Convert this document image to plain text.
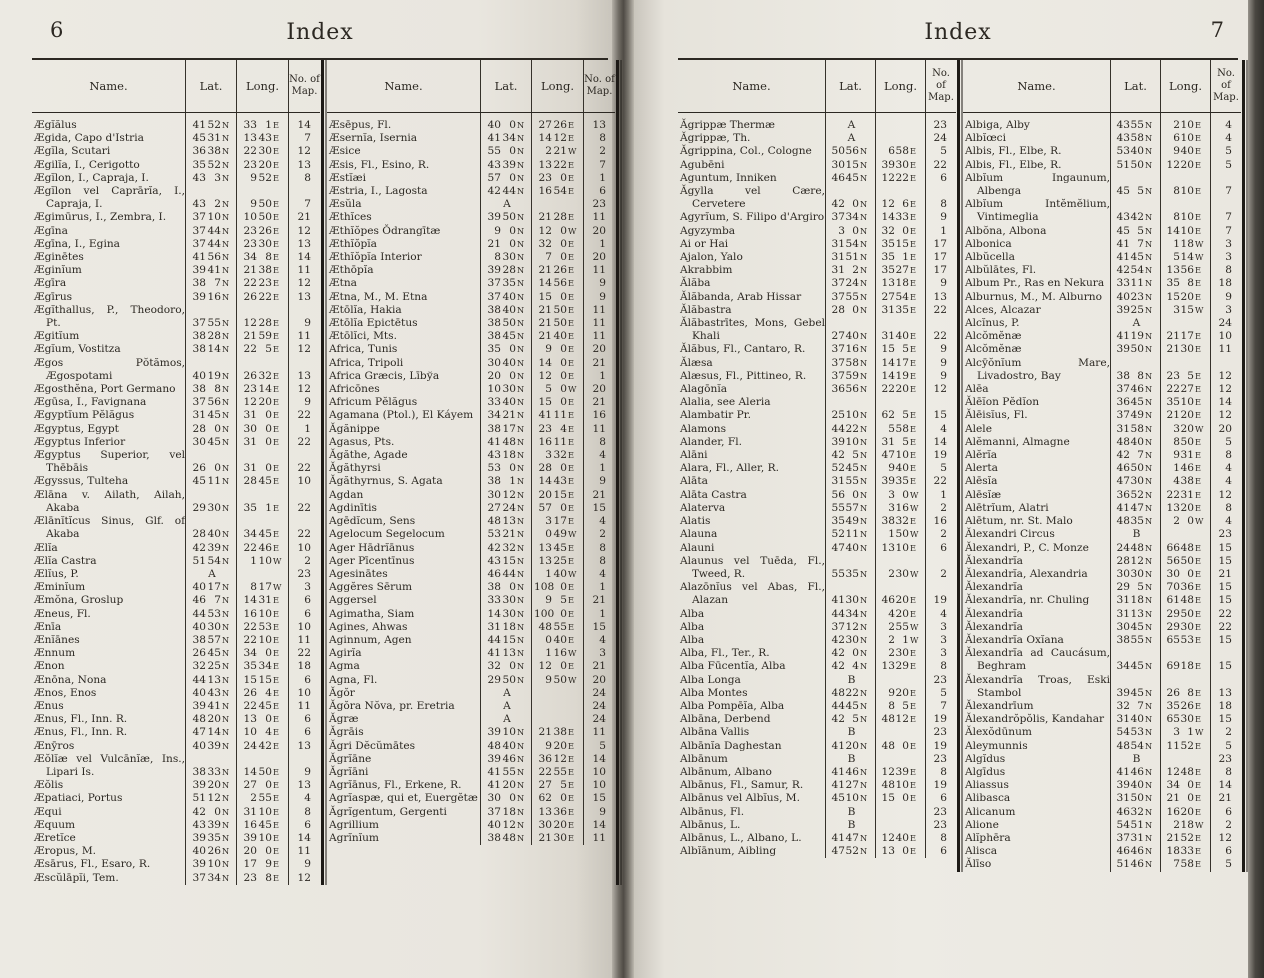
6	Index
Name.	Lat.	Long.	No. of Map.
Ægĭălus	41 52N	33 1E	14
Ægida, Capo d'Istria	45 31N	13 43E	7
Ægĭla, Scutari	36 38N	22 30E	12
Ægilĭa, I., Cerigotto	35 52N	23 20E	13
Ægĭlon, I., Capraja, I.	43 3N	9 52E	8
Ægĭlon vel Caprārĭa, I., Capraja, I.	43 2N	9 50E	7
Ægimūrus, I., Zembra, I.	37 10N	10 50E	21
Ægīna	37 44N	23 26E	12
Ægīna, I., Egina	37 44N	23 30E	13
Æginētes	41 56N	34 8E	14
Æginĭum	39 41N	21 38E	11
Ægīra	38 7N	22 23E	12
Ægīrus	39 16N	26 22E	13
Ægĭthallus, P., Theodoro, Pt.	37 55N	12 28E	9
Ægitĭum	38 28N	21 59E	11
Ægĭum, Vostitza	38 14N	22 5E	12
Ægos Pŏtămos, Ægospotami	40 19N	26 32E	13
Ægosthĕna, Port Germano	38 8N	23 14E	12
Ægūsa, I., Favignana	37 56N	12 20E	9
Ægyptĭum Pĕlăgus	31 45N	31 0E	22
Ægyptus, Egypt	28 0N	30 0E	1
Ægyptus Inferior	30 45N	31 0E	22
Ægyptus Superior, vel Thēbāis	26 0N	31 0E	22
Ægyssus, Tulteha	45 11N	28 45E	10
Ælāna v. Ailath, Ailah, Akaba	29 30N	35 1E	22
Ælānĭtĭcus Sinus, Glf. of Akaba	28 40N	34 45E	22
Ælĭa	42 39N	22 46E	10
Ælĭa Castra	51 54N	1 10W	2
Ælĭus, P.	A		23
Æminĭum	40 17N	8 17W	3
Æmŏna, Groslup	46 7N	14 31E	6
Æneus, Fl.	44 53N	16 10E	6
Ænīa	40 30N	22 53E	10
Ænĭānes	38 57N	22 10E	11
Ænnum	26 45N	34 0E	22
Ænon	32 25N	35 34E	18
Ænōna, Nona	44 13N	15 15E	6
Ænos, Enos	40 43N	26 4E	10
Ænus	39 41N	22 45E	11
Ænus, Fl., Inn. R.	48 20N	13 0E	6
Ænus, Fl., Inn. R.	47 14N	10 4E	6
Ænȳros	40 39N	24 42E	13
Æŏlĭæ vel Vulcānĭæ, Ins., Lipari Is.	38 33N	14 50E	9
Æŏlis	39 20N	27 0E	13
Æpatiaci, Portus	51 12N	2 55E	4
Æqui	42 0N	31 10E	8
Æquum	43 39N	16 45E	6
Æretĭce	39 35N	39 10E	14
Æropus, M.	40 26N	20 0E	11
Æsārus, Fl., Esaro, R.	39 10N	17 9E	9
Æscŭlāpĭi, Tem.	37 34N	23 8E	12
Name.	Lat.	Long.	No. of Map.
Æsēpus, Fl.	40 0N	27 26E	13
Æsernĭa, Isernia	41 34N	14 12E	8
Æsice	55 0N	2 21W	2
Æsis, Fl., Esino, R.	43 39N	13 22E	7
Æstĭæi	57 0N	23 0E	1
Æstria, I., Lagosta	42 44N	16 54E	6
Æsŭla	A		23
Æthĭces	39 50N	21 28E	11
Æthĭŏpes Ŏdrangītæ	9 0N	12 0W	20
Æthĭŏpĭa	21 0N	32 0E	1
Æthĭŏpĭa Interior	8 30N	7 0E	20
Æthōpĭa	39 28N	21 26E	11
Ætna	37 35N	14 56E	9
Ætna, M., M. Etna	37 40N	15 0E	9
Ætōlĭa, Hakia	38 40N	21 50E	11
Ætōlĭa Epictētus	38 50N	21 50E	11
Ætōlĭci, Mts.	38 45N	21 40E	11
Africa, Tunis	35 0N	9 0E	20
Africa, Tripoli	30 40N	14 0E	21
Africa Græcis, Lībўa	20 0N	12 0E	1
Africōnes	10 30N	5 0W	20
Africum Pĕlăgus	33 40N	15 0E	21
Agamana (Ptol.), El Káyem	34 21N	41 11E	16
Ăgănippe	38 17N	23 4E	11
Agasus, Pts.	41 48N	16 11E	8
Ăgăthe, Agade	43 18N	3 32E	4
Ăgăthyrsi	53 0N	28 0E	1
Ăgăthyrnus, S. Agata	38 1N	14 43E	9
Agdan	30 12N	20 15E	21
Agdinītis	27 24N	57 0E	15
Agēdĭcum, Sens	48 13N	3 17E	4
Agelocum Segelocum	53 21N	0 49W	2
Ager Hādrĭānus	42 32N	13 45E	8
Ager Pīcentīnus	43 15N	13 25E	8
Agesinātes	46 44N	1 40W	4
Aggĕres Sērum	38 0N	108 0E	1
Aggersel	33 30N	9 5E	21
Agimatha, Siam	14 30N	100 0E	1
Agines, Ahwas	31 18N	48 55E	15
Aginnum, Agen	44 15N	0 40E	4
Agirĭa	41 13N	1 16W	3
Agma	32 0N	12 0E	21
Agna, Fl.	29 50N	9 50W	20
Ăgŏr	A		24
Ăgŏra Nŏva, pr. Eretria	A		24
Ăgræ	A		24
Ăgrāis	39 10N	21 38E	11
Ăgri Dĕcŭmātes	48 40N	9 20E	5
Ăgrĭāne	39 46N	36 12E	14
Ăgrĭāni	41 55N	22 55E	10
Agrĭānus, Fl., Erkene, R.	41 20N	27 5E	10
Agrĭaspæ, qui et, Euergĕtæ	30 0N	62 0E	15
Ăgrĭgentum, Gergenti	37 18N	13 36E	9
Agrillium	40 12N	30 20E	14
Agrĭnĭum	38 48N	21 30E	11
Index	7
Name.	Lat.	Long.	No. of Map.
Ăgrippæ Thermæ	A		23
Ăgrippæ, Th.	A		24
Ăgrippina, Col., Cologne	5056N	658E	5
Agubēni	3015N	3930E	22
Aguntum, Inniken	4645N	1222E	6
Ăgylla vel Cære, Cervetere	42 0N	12 6E	8
Agyrĭum, S. Filipo d'Argiro	3734N	1433E	9
Agyzymba	3 0N	32 0E	1
Ai or Hai	3154N	3515E	17
Ajalon, Yalo	3151N	35 1E	17
Akrabbim	31 2N	3527E	17
Ălăba	3724N	1318E	9
Ălăbanda, Arab Hissar	3755N	2754E	13
Ălăbastra	28 0N	3135E	22
Ălăbastrītes, Mons, Gebel Khali	2740N	3140E	22
Ălăbus, Fl., Cantaro, R.	3716N	15 5E	9
Ălæsa	3758N	1417E	9
Alæsus, Fl., Pittineo, R.	3759N	1419E	9
Alagōnĭa	3656N	2220E	12
Alalia, see Aleria			
Alambatir Pr.	2510N	62 5E	15
Alamons	4422N	558E	4
Alander, Fl.	3910N	31 5E	14
Alāni	42 5N	4710E	19
Alara, Fl., Aller, R.	5245N	940E	5
Alāta	3155N	3935E	22
Alāta Castra	56 0N	3 0W	1
Alaterva	5557N	316W	2
Alatis	3549N	3832E	16
Alauna	5211N	150W	2
Alauni	4740N	1310E	6
Alaunus vel Tuēda, Fl., Tweed, R.	5535N	230W	2
Alazōnĭus vel Abas, Fl., Alazan	4130N	4620E	19
Alba	4434N	420E	4
Alba	3712N	255W	3
Alba	4230N	2 1W	3
Alba, Fl., Ter., R.	42 0N	230E	3
Alba Fūcentĭa, Alba	42 4N	1329E	8
Alba Longa	B		23
Alba Montes	4822N	920E	5
Alba Pompēĭa, Alba	4445N	8 5E	7
Albāna, Derbend	42 5N	4812E	19
Albāna Vallis	B		23
Albānĭa Daghestan	4120N	48 0E	19
Albānum	B		23
Albānum, Albano	4146N	1239E	8
Albānus, Fl., Samur, R.	4127N	4810E	19
Albānus vel Albĭus, M.	4510N	15 0E	6
Albānus, Fl.	B		23
Albānus, L.	B		23
Albānus, L., Albano, L.	4147N	1240E	8
Albĭānum, Aibling	4752N	13 0E	6
Name.	Lat.	Long.	No. of Map.
Albiga, Alby	4355N	210E	4
Albĭœci	4358N	610E	4
Albis, Fl., Elbe, R.	5340N	940E	5
Albis, Fl., Elbe, R.	5150N	1220E	5
Albĭum Ingaunum, Albenga	45 5N	810E	7
Albĭum Intĕmĕlium, Vintimeglia	4342N	810E	7
Albŏna, Albona	45 5N	1410E	7
Albonica	41 7N	118W	3
Albŭcella	4145N	514W	3
Albŭlātes, Fl.	4254N	1356E	8
Album Pr., Ras en Nekura	3311N	35 8E	18
Alburnus, M., M. Alburno	4023N	1520E	9
Alces, Alcazar	3925N	315W	3
Alcĭnus, P.	A		24
Alcŏmĕnæ	4119N	2117E	10
Alcŏmĕnæ	3950N	2130E	11
Alcȳŏnĭum Mare, Livadostro, Bay	38 8N	23 5E	12
Alēa	3746N	2227E	12
Ălēĭon Pĕdĭon	3645N	3510E	14
Ălēisĭus, Fl.	3749N	2120E	12
Alele	3158N	320W	20
Alĕmanni, Almagne	4840N	850E	5
Alĕrĭa	42 7N	931E	8
Alerta	4650N	146E	4
Alēsĭa	4730N	438E	4
Alēsĭæ	3652N	2231E	12
Alētrĭum, Alatri	4147N	1320E	8
Alētum, nr. St. Malo	4835N	2 0W	4
Ălexandri Circus	B		23
Ălexandri, P., C. Monze	2448N	6648E	15
Ălexandrĭa	2812N	5650E	15
Ălexandrĭa, Alexandria	3030N	30 0E	21
Ălexandrĭa	29 5N	7036E	15
Ălexandrĭa, nr. Chuling	3118N	6148E	15
Ălexandrĭa	3113N	2950E	22
Ălexandrĭa	3045N	2930E	22
Ălexandrĭa Oxĭana	3855N	6553E	15
Ălexandrĭa ad Caucásum, Beghram	3445N	6918E	15
Ălexandrĭa Troas, Eski Stambol	3945N	26 8E	13
Ălexandrīum	32 7N	3526E	18
Ălexandrŏpŏlis, Kandahar	3140N	6530E	15
Ălexŏdūnum	5453N	3 1W	2
Aleymunnis	4854N	1152E	5
Algĭdus	B		23
Algīdus	4146N	1248E	8
Aliassus	3940N	34 0E	14
Alibasca	3150N	21 0E	21
Alicanum	4632N	1620E	6
Alione	5451N	218W	2
Alĭphēra	3731N	2152E	12
Alisca	4646N	1833E	6
Ălīso	5146N	758E	5
